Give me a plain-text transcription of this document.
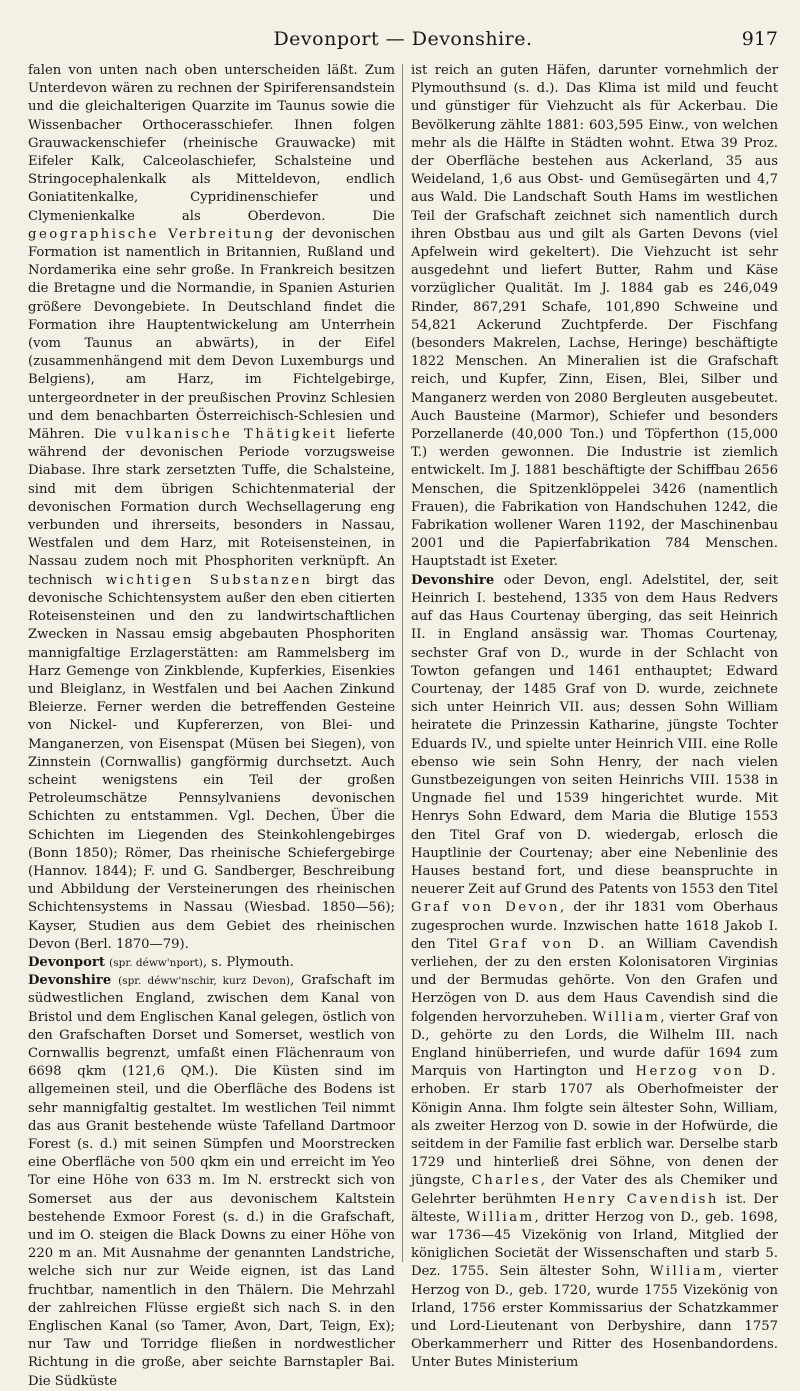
Devonport — Devonshire.	917

falen von unten nach oben unterscheiden läßt. Zum Unterdevon wären zu rechnen der Spiriferensandstein und die gleichalterigen Quarzite im Taunus sowie die Wissenbacher Orthocerasschiefer. Ihnen folgen Grauwackenschiefer (rheinische Grauwacke) mit Eifeler Kalk, Calceolaschiefer, Schalsteine und Stringocephalenkalk als Mitteldevon, endlich Goniatitenkalke, Cypridinenschiefer und Clymenienkalke als Oberdevon. Die geographische Verbreitung der devonischen Formation ist namentlich in Britannien, Rußland und Nordamerika eine sehr große. In Frankreich besitzen die Bretagne und die Normandie, in Spanien Asturien größere Devongebiete. In Deutschland findet die Formation ihre Hauptentwickelung am Unterrhein (vom Taunus an abwärts), in der Eifel (zusammenhängend mit dem Devon Luxemburgs und Belgiens), am Harz, im Fichtelgebirge, untergeordneter in der preußischen Provinz Schlesien und dem benachbarten Österreichisch-Schlesien und Mähren. Die vulkanische Thätigkeit lieferte während der devonischen Periode vorzugsweise Diabase. Ihre stark zersetzten Tuffe, die Schalsteine, sind mit dem übrigen Schichtenmaterial der devonischen Formation durch Wechsellagerung eng verbunden und ihrerseits, besonders in Nassau, Westfalen und dem Harz, mit Roteisensteinen, in Nassau zudem noch mit Phosphoriten verknüpft. An technisch wichtigen Substanzen birgt das devonische Schichtensystem außer den eben citierten Roteisensteinen und den zu landwirtschaftlichen Zwecken in Nassau emsig abgebauten Phosphoriten mannigfaltige Erzlagerstätten: am Rammelsberg im Harz Gemenge von Zinkblende, Kupferkies, Eisenkies und Bleiglanz, in Westfalen und bei Aachen Zinkund Bleierze. Ferner werden die betreffenden Gesteine von Nickel- und Kupfererzen, von Blei- und Manganerzen, von Eisenspat (Müsen bei Siegen), von Zinnstein (Cornwallis) gangförmig durchsetzt. Auch scheint wenigstens ein Teil der großen Petroleumschätze Pennsylvaniens devonischen Schichten zu entstammen. Vgl. Dechen, Über die Schichten im Liegenden des Steinkohlengebirges (Bonn 1850); Römer, Das rheinische Schiefergebirge (Hannov. 1844); F. und G. Sandberger, Beschreibung und Abbildung der Versteinerungen des rheinischen Schichtensystems in Nassau (Wiesbad. 1850—56); Kayser, Studien aus dem Gebiet des rheinischen Devon (Berl. 1870—79).

Devonport (spr. déww'nport), s. Plymouth.

Devonshire (spr. déww'nschir, kurz Devon), Grafschaft im südwestlichen England, zwischen dem Kanal von Bristol und dem Englischen Kanal gelegen, östlich von den Grafschaften Dorset und Somerset, westlich von Cornwallis begrenzt, umfaßt einen Flächenraum von 6698 qkm (121,6 QM.). Die Küsten sind im allgemeinen steil, und die Oberfläche des Bodens ist sehr mannigfaltig gestaltet. Im westlichen Teil nimmt das aus Granit bestehende wüste Tafelland Dartmoor Forest (s. d.) mit seinen Sümpfen und Moorstrecken eine Oberfläche von 500 qkm ein und erreicht im Yeo Tor eine Höhe von 633 m. Im N. erstreckt sich von Somerset aus der aus devonischem Kaltstein bestehende Exmoor Forest (s. d.) in die Grafschaft, und im O. steigen die Black Downs zu einer Höhe von 220 m an. Mit Ausnahme der genannten Landstriche, welche sich nur zur Weide eignen, ist das Land fruchtbar, namentlich in den Thälern. Die Mehrzahl der zahlreichen Flüsse ergießt sich nach S. in den Englischen Kanal (so Tamer, Avon, Dart, Teign, Ex); nur Taw und Torridge fließen in nordwestlicher Richtung in die große, aber seichte Barnstapler Bai. Die Südküste

ist reich an guten Häfen, darunter vornehmlich der Plymouthsund (s. d.). Das Klima ist mild und feucht und günstiger für Viehzucht als für Ackerbau. Die Bevölkerung zählte 1881: 603,595 Einw., von welchen mehr als die Hälfte in Städten wohnt. Etwa 39 Proz. der Oberfläche bestehen aus Ackerland, 35 aus Weideland, 1,6 aus Obst- und Gemüsegärten und 4,7 aus Wald. Die Landschaft South Hams im westlichen Teil der Grafschaft zeichnet sich namentlich durch ihren Obstbau aus und gilt als Garten Devons (viel Apfelwein wird gekeltert). Die Viehzucht ist sehr ausgedehnt und liefert Butter, Rahm und Käse vorzüglicher Qualität. Im J. 1884 gab es 246,049 Rinder, 867,291 Schafe, 101,890 Schweine und 54,821 Ackerund Zuchtpferde. Der Fischfang (besonders Makrelen, Lachse, Heringe) beschäftigte 1822 Menschen. An Mineralien ist die Grafschaft reich, und Kupfer, Zinn, Eisen, Blei, Silber und Manganerz werden von 2080 Bergleuten ausgebeutet. Auch Bausteine (Marmor), Schiefer und besonders Porzellanerde (40,000 Ton.) und Töpferthon (15,000 T.) werden gewonnen. Die Industrie ist ziemlich entwickelt. Im J. 1881 beschäftigte der Schiffbau 2656 Menschen, die Spitzenklöppelei 3426 (namentlich Frauen), die Fabrikation von Handschuhen 1242, die Fabrikation wollener Waren 1192, der Maschinenbau 2001 und die Papierfabrikation 784 Menschen. Hauptstadt ist Exeter.

Devonshire oder Devon, engl. Adelstitel, der, seit Heinrich I. bestehend, 1335 von dem Haus Redvers auf das Haus Courtenay überging, das seit Heinrich II. in England ansässig war. Thomas Courtenay, sechster Graf von D., wurde in der Schlacht von Towton gefangen und 1461 enthauptet; Edward Courtenay, der 1485 Graf von D. wurde, zeichnete sich unter Heinrich VII. aus; dessen Sohn William heiratete die Prinzessin Katharine, jüngste Tochter Eduards IV., und spielte unter Heinrich VIII. eine Rolle ebenso wie sein Sohn Henry, der nach vielen Gunstbezeigungen von seiten Heinrichs VIII. 1538 in Ungnade fiel und 1539 hingerichtet wurde. Mit Henrys Sohn Edward, dem Maria die Blutige 1553 den Titel Graf von D. wiedergab, erlosch die Hauptlinie der Courtenay; aber eine Nebenlinie des Hauses bestand fort, und diese beanspruchte in neuerer Zeit auf Grund des Patents von 1553 den Titel Graf von Devon, der ihr 1831 vom Oberhaus zugesprochen wurde. Inzwischen hatte 1618 Jakob I. den Titel Graf von D. an William Cavendish verliehen, der zu den ersten Kolonisatoren Virginias und der Bermudas gehörte. Von den Grafen und Herzögen von D. aus dem Haus Cavendish sind die folgenden hervorzuheben. William, vierter Graf von D., gehörte zu den Lords, die Wilhelm III. nach England hinüberriefen, und wurde dafür 1694 zum Marquis von Hartington und Herzog von D. erhoben. Er starb 1707 als Oberhofmeister der Königin Anna. Ihm folgte sein ältester Sohn, William, als zweiter Herzog von D. sowie in der Hofwürde, die seitdem in der Familie fast erblich war. Derselbe starb 1729 und hinterließ drei Söhne, von denen der jüngste, Charles, der Vater des als Chemiker und Gelehrter berühmten Henry Cavendish ist. Der älteste, William, dritter Herzog von D., geb. 1698, war 1736—45 Vizekönig von Irland, Mitglied der königlichen Societät der Wissenschaften und starb 5. Dez. 1755. Sein ältester Sohn, William, vierter Herzog von D., geb. 1720, wurde 1755 Vizekönig von Irland, 1756 erster Kommissarius der Schatzkammer und Lord-Lieutenant von Derbyshire, dann 1757 Oberkammerherr und Ritter des Hosenbandordens. Unter Butes Ministerium
